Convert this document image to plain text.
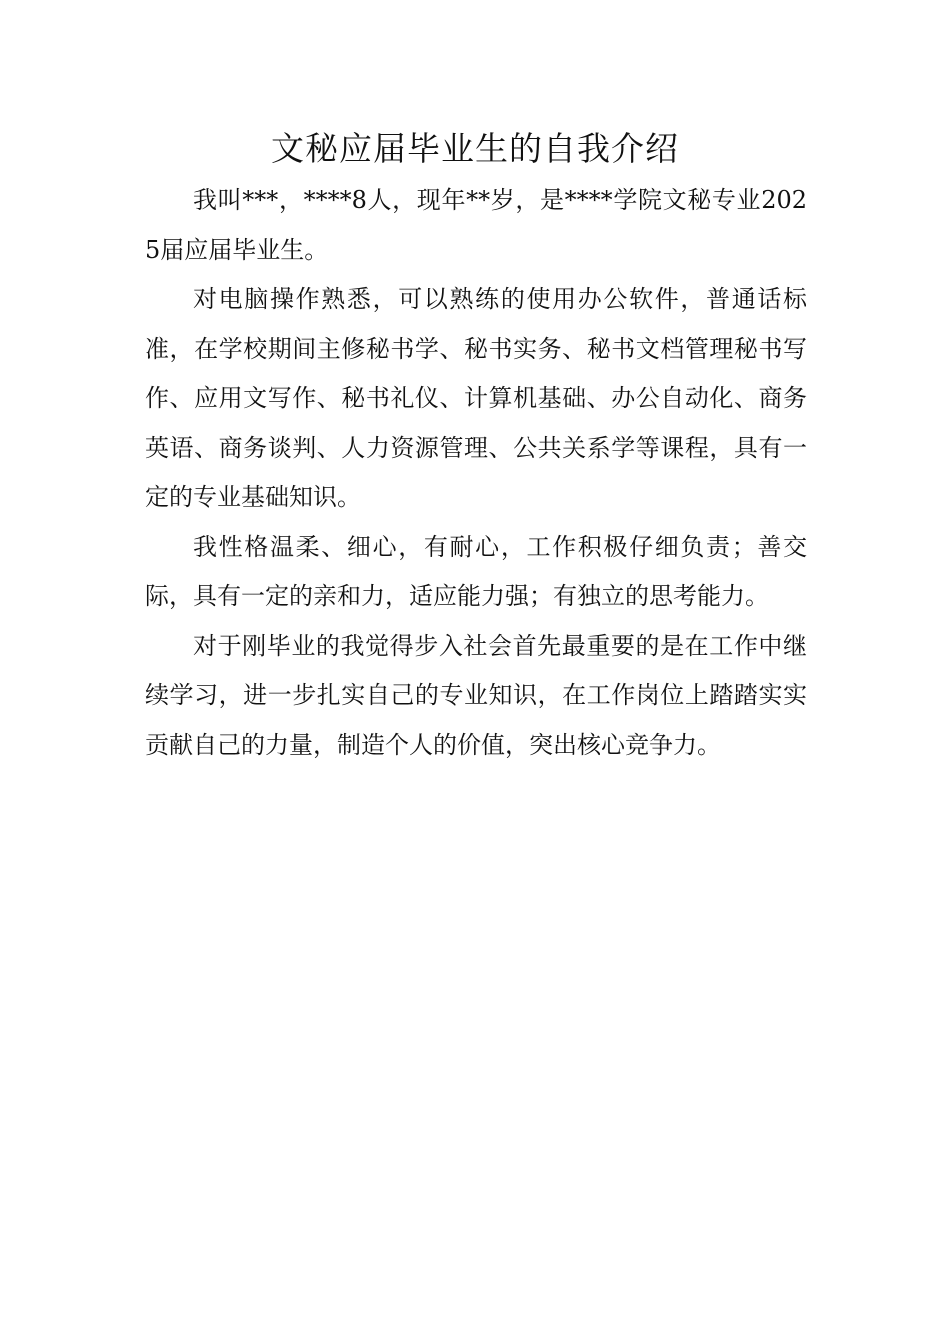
文秘应届毕业生的自我介绍

我叫***，****8人，现年**岁，是****学院文秘专业2025届应届毕业生。

对电脑操作熟悉，可以熟练的使用办公软件，普通话标准，在学校期间主修秘书学、秘书实务、秘书文档管理秘书写作、应用文写作、秘书礼仪、计算机基础、办公自动化、商务英语、商务谈判、人力资源管理、公共关系学等课程，具有一定的专业基础知识。

我性格温柔、细心，有耐心，工作积极仔细负责；善交际，具有一定的亲和力，适应能力强；有独立的思考能力。

对于刚毕业的我觉得步入社会首先最重要的是在工作中继续学习，进一步扎实自己的专业知识，在工作岗位上踏踏实实贡献自己的力量，制造个人的价值，突出核心竞争力。
